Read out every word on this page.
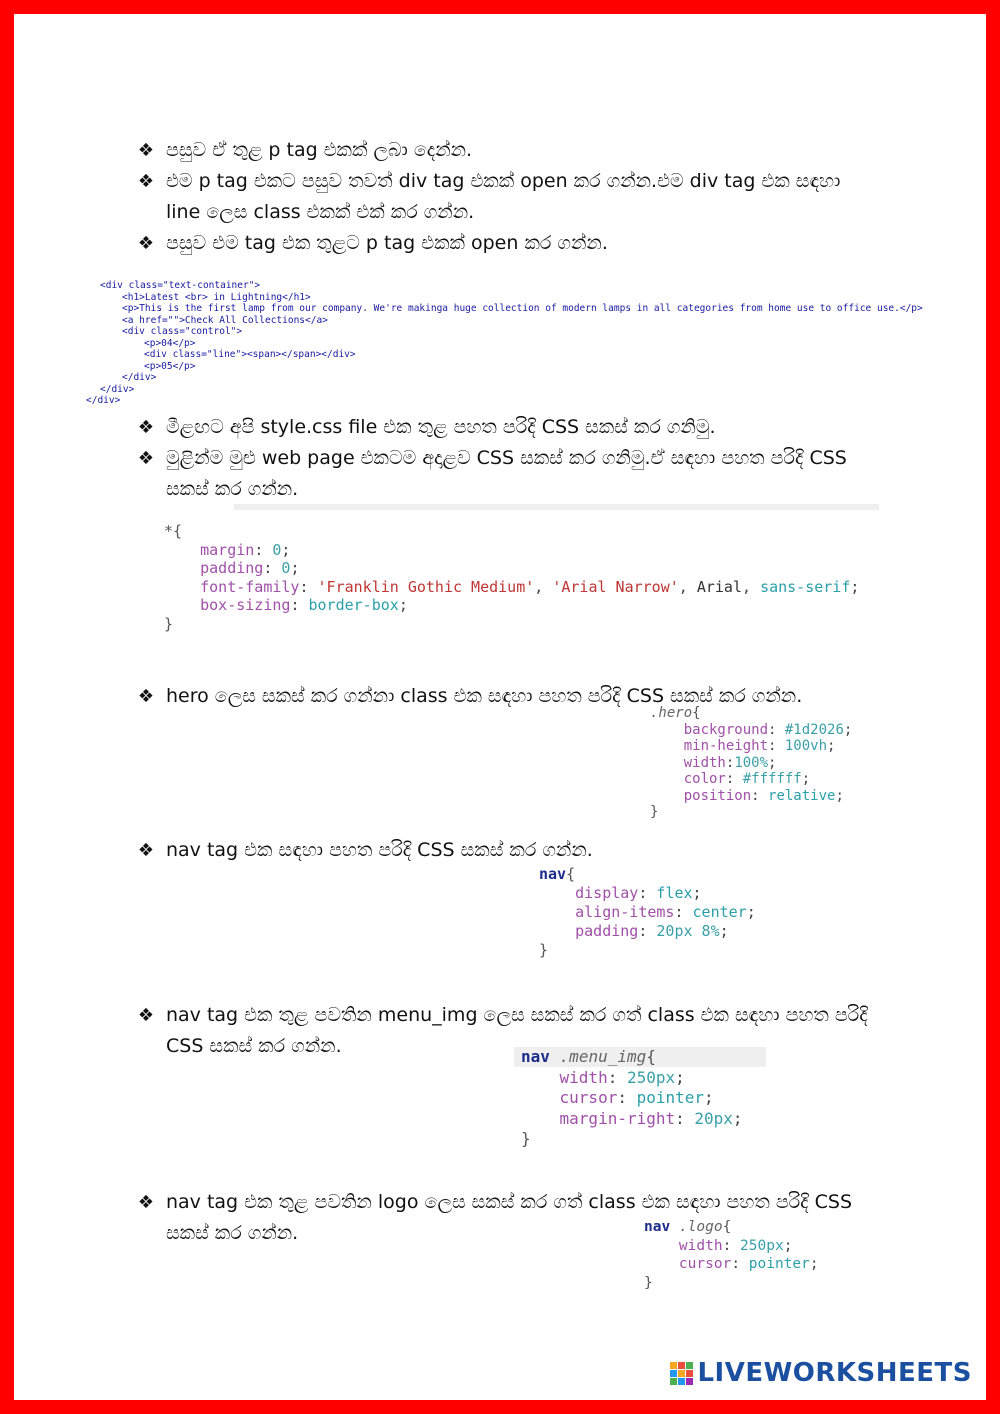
❖ පසුව ඒ තුළ p tag එකක් ලබා දෙන්න.
❖ එම p tag එකට පසුව තවත් div tag එකක් open කර ගන්න.එම div tag එක සඳහා line ලෙස class එකක් එක් කර ගන්න.
❖ පසුව එම tag එක තුළට p tag එකක් open කර ගන්න.
<div class="text-container">
<h1>Latest <br> in Lightning</h1>
<p>This is the first lamp from our company. We're makinga huge collection of modern lamps in all categories from home use to office use.</p>
<a href="">Check All Collections</a>
<div class="control">
<p>04</p>
<div class="line"><span></span></div>
<p>05</p>
</div>
</div>
</div>
❖ මීළඟට අපි style.css file එක තුළ පහත පරිදි CSS සකස් කර ගනිමු.
❖ මුළින්ම මුළු web page එකටම අදාළව CSS සකස් කර ගනිමු.ඒ සඳහා පහත පරිදි CSS සකස් කර ගන්න.
*{
margin: 0;
padding: 0;
font-family: 'Franklin Gothic Medium', 'Arial Narrow', Arial, sans-serif;
box-sizing: border-box;
}
❖ hero ලෙස සකස් කර ගන්නා class එක සඳහා පහත පරිදි CSS සකස් කර ගන්න.
.hero{
background: #1d2026;
min-height: 100vh;
width:100%;
color: #ffffff;
position: relative;
}
❖ nav tag එක සඳහා පහත පරිදි CSS සකස් කර ගන්න.
nav{
display: flex;
align-items: center;
padding: 20px 8%;
}
❖ nav tag එක තුළ පවතින menu_img ලෙස සකස් කර ගත් class එක සඳහා පහත පරිදි CSS සකස් කර ගන්න.	nav .menu_img{
width: 250px;
cursor: pointer;
margin-right: 20px;
}
❖ nav tag එක තුළ පවතින logo ලෙස සකස් කර ගත් class එක සඳහා පහත පරිදි CSS සකස් කර ගන්න.	nav .logo{
width: 250px;
cursor: pointer;
}
LIVEWORKSHEETS
